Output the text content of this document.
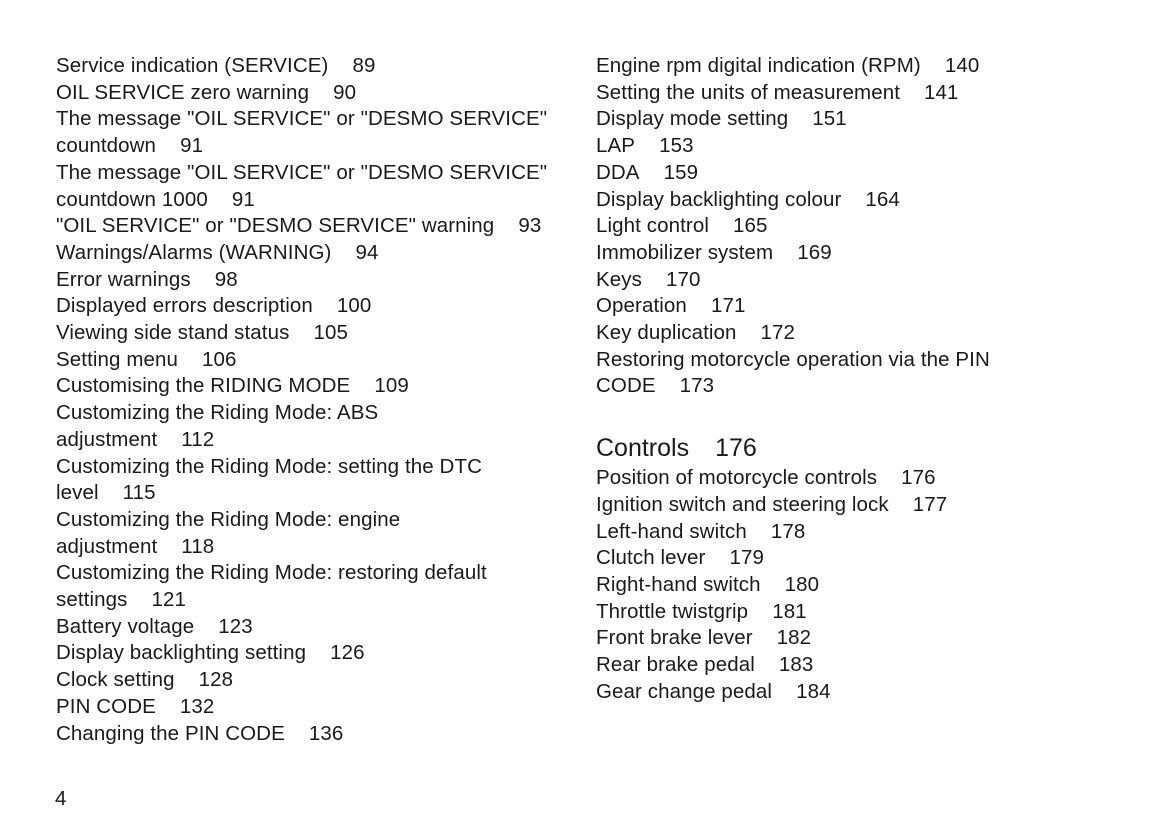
Service indication (SERVICE) 89
OIL SERVICE zero warning 90
The message "OIL SERVICE" or "DESMO SERVICE"
countdown 91
The message "OIL SERVICE" or "DESMO SERVICE"
countdown 1000 91
"OIL SERVICE" or "DESMO SERVICE" warning 93
Warnings/Alarms (WARNING) 94
Error warnings 98
Displayed errors description 100
Viewing side stand status 105
Setting menu 106
Customising the RIDING MODE 109
Customizing the Riding Mode: ABS
adjustment 112
Customizing the Riding Mode: setting the DTC
level 115
Customizing the Riding Mode: engine
adjustment 118
Customizing the Riding Mode: restoring default
settings 121
Battery voltage 123
Display backlighting setting 126
Clock setting 128
PIN CODE 132
Changing the PIN CODE 136
Engine rpm digital indication (RPM) 140
Setting the units of measurement 141
Display mode setting 151
LAP 153
DDA 159
Display backlighting colour 164
Light control 165
Immobilizer system 169
Keys 170
Operation 171
Key duplication 172
Restoring motorcycle operation via the PIN
CODE 173
Controls 176
Position of motorcycle controls 176
Ignition switch and steering lock 177
Left-hand switch 178
Clutch lever 179
Right-hand switch 180
Throttle twistgrip 181
Front brake lever 182
Rear brake pedal 183
Gear change pedal 184
4
